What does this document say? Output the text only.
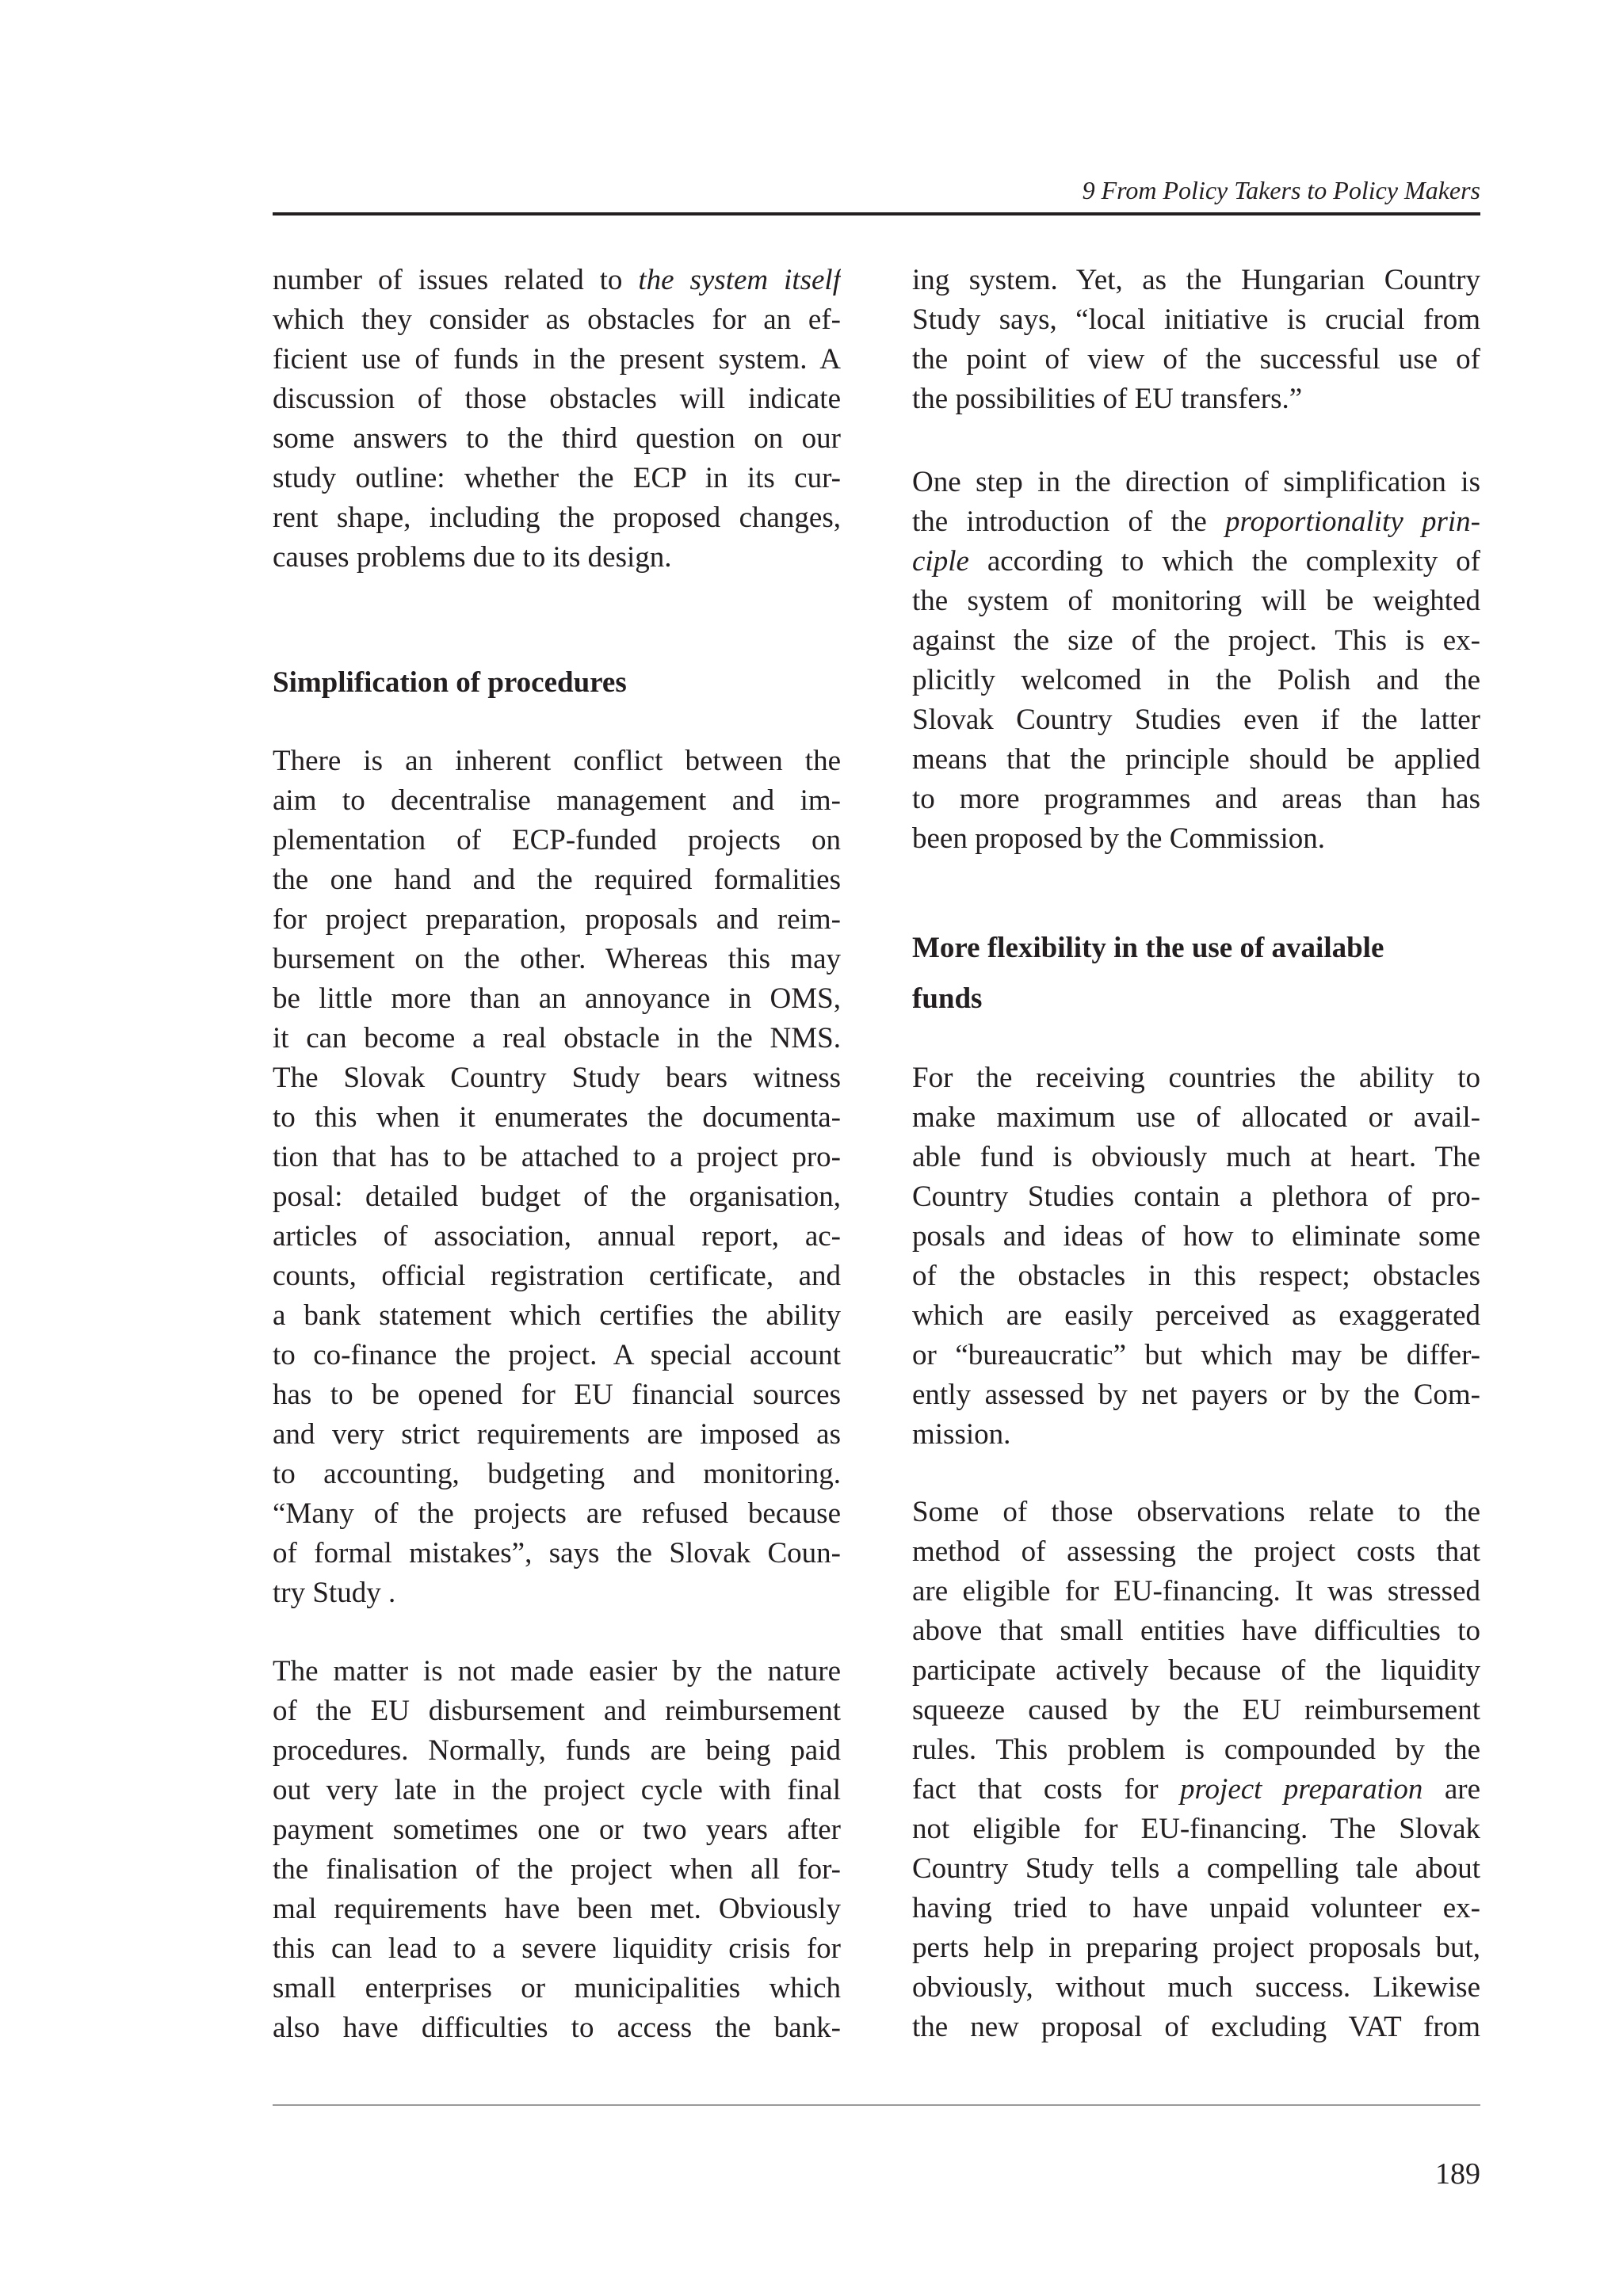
9 From Policy Takers to Policy Makers
number of issues related to the system itself
which they consider as obstacles for an ef-
ficient use of funds in the present system. A
discussion of those obstacles will indicate
some answers to the third question on our
study outline: whether the ECP in its cur-
rent shape, including the proposed changes,
causes problems due to its design.
Simplification of procedures
There is an inherent conflict between the
aim to decentralise management and im-
plementation of ECP-funded projects on
the one hand and the required formalities
for project preparation, proposals and reim-
bursement on the other. Whereas this may
be little more than an annoyance in OMS,
it can become a real obstacle in the NMS.
The Slovak Country Study bears witness
to this when it enumerates the documenta-
tion that has to be attached to a project pro-
posal: detailed budget of the organisation,
articles of association, annual report, ac-
counts, official registration certificate, and
a bank statement which certifies the ability
to co-finance the project. A special account
has to be opened for EU financial sources
and very strict requirements are imposed as
to accounting, budgeting and monitoring.
“Many of the projects are refused because
of formal mistakes”, says the Slovak Coun-
try Study .
The matter is not made easier by the nature
of the EU disbursement and reimbursement
procedures. Normally, funds are being paid
out very late in the project cycle with final
payment sometimes one or two years after
the finalisation of the project when all for-
mal requirements have been met. Obviously
this can lead to a severe liquidity crisis for
small enterprises or municipalities which
also have difficulties to access the bank-
ing system. Yet, as the Hungarian Country
Study says, “local initiative is crucial from
the point of view of the successful use of
the possibilities of EU transfers.”
One step in the direction of simplification is
the introduction of the proportionality prin-
ciple according to which the complexity of
the system of monitoring will be weighted
against the size of the project. This is ex-
plicitly welcomed in the Polish and the
Slovak Country Studies even if the latter
means that the principle should be applied
to more programmes and areas than has
been proposed by the Commission.
More flexibility in the use of available
funds
For the receiving countries the ability to
make maximum use of allocated or avail-
able fund is obviously much at heart. The
Country Studies contain a plethora of pro-
posals and ideas of how to eliminate some
of the obstacles in this respect; obstacles
which are easily perceived as exaggerated
or “bureaucratic” but which may be differ-
ently assessed by net payers or by the Com-
mission.
Some of those observations relate to the
method of assessing the project costs that
are eligible for EU-financing. It was stressed
above that small entities have difficulties to
participate actively because of the liquidity
squeeze caused by the EU reimbursement
rules. This problem is compounded by the
fact that costs for project preparation are
not eligible for EU-financing. The Slovak
Country Study tells a compelling tale about
having tried to have unpaid volunteer ex-
perts help in preparing project proposals but,
obviously, without much success. Likewise
the new proposal of excluding VAT from
189
